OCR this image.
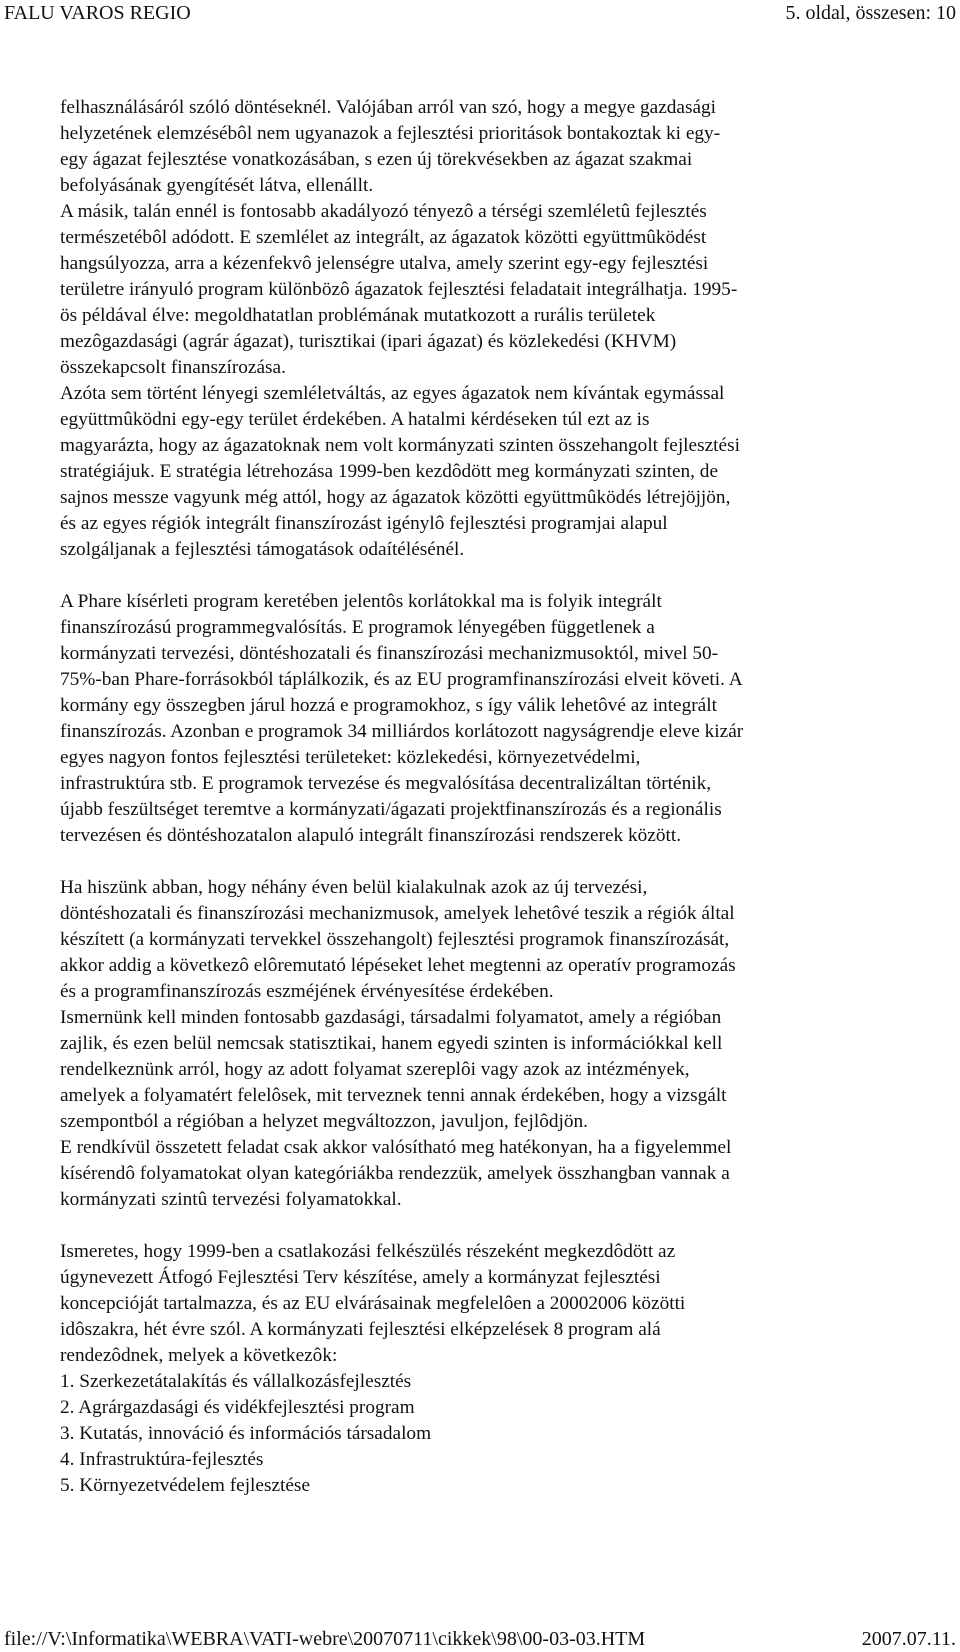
FALU VAROS REGIO	5. oldal, összesen: 10

felhasználásáról szóló döntéseknél. Valójában arról van szó, hogy a megye gazdasági
helyzetének elemzésébôl nem ugyanazok a fejlesztési prioritások bontakoztak ki egy-
egy ágazat fejlesztése vonatkozásában, s ezen új törekvésekben az ágazat szakmai
befolyásának gyengítését látva, ellenállt.

A másik, talán ennél is fontosabb akadályozó tényezô a térségi szemléletû fejlesztés
természetébôl adódott. E szemlélet az integrált, az ágazatok közötti együttmûködést
hangsúlyozza, arra a kézenfekvô jelenségre utalva, amely szerint egy-egy fejlesztési
területre irányuló program különbözô ágazatok fejlesztési feladatait integrálhatja. 1995-
ös példával élve: megoldhatatlan problémának mutatkozott a rurális területek
mezôgazdasági (agrár ágazat), turisztikai (ipari ágazat) és közlekedési (KHVM)
összekapcsolt finanszírozása.

Azóta sem történt lényegi szemléletváltás, az egyes ágazatok nem kívántak egymással
együttmûködni egy-egy terület érdekében. A hatalmi kérdéseken túl ezt az is
magyarázta, hogy az ágazatoknak nem volt kormányzati szinten összehangolt fejlesztési
stratégiájuk. E stratégia létrehozása 1999-ben kezdôdött meg kormányzati szinten, de
sajnos messze vagyunk még attól, hogy az ágazatok közötti együttmûködés létrejöjjön,
és az egyes régiók integrált finanszírozást igénylô fejlesztési programjai alapul
szolgáljanak a fejlesztési támogatások odaítélésénél.

A Phare kísérleti program keretében jelentôs korlátokkal ma is folyik integrált
finanszírozású programmegvalósítás. E programok lényegében függetlenek a
kormányzati tervezési, döntéshozatali és finanszírozási mechanizmusoktól, mivel 50-
75%-ban Phare-forrásokból táplálkozik, és az EU programfinanszírozási elveit követi. A
kormány egy összegben járul hozzá e programokhoz, s így válik lehetôvé az integrált
finanszírozás. Azonban e programok 34 milliárdos korlátozott nagyságrendje eleve kizár
egyes nagyon fontos fejlesztési területeket: közlekedési, környezetvédelmi,
infrastruktúra stb. E programok tervezése és megvalósítása decentralizáltan történik,
újabb feszültséget teremtve a kormányzati/ágazati projektfinanszírozás és a regionális
tervezésen és döntéshozatalon alapuló integrált finanszírozási rendszerek között.

Ha hiszünk abban, hogy néhány éven belül kialakulnak azok az új tervezési,
döntéshozatali és finanszírozási mechanizmusok, amelyek lehetôvé teszik a régiók által
készített (a kormányzati tervekkel összehangolt) fejlesztési programok finanszírozását,
akkor addig a következô elôremutató lépéseket lehet megtenni az operatív programozás
és a programfinanszírozás eszméjének érvényesítése érdekében.

Ismernünk kell minden fontosabb gazdasági, társadalmi folyamatot, amely a régióban
zajlik, és ezen belül nemcsak statisztikai, hanem egyedi szinten is információkkal kell
rendelkeznünk arról, hogy az adott folyamat szereplôi vagy azok az intézmények,
amelyek a folyamatért felelôsek, mit terveznek tenni annak érdekében, hogy a vizsgált
szempontból a régióban a helyzet megváltozzon, javuljon, fejlôdjön.

E rendkívül összetett feladat csak akkor valósítható meg hatékonyan, ha a figyelemmel
kísérendô folyamatokat olyan kategóriákba rendezzük, amelyek összhangban vannak a
kormányzati szintû tervezési folyamatokkal.

Ismeretes, hogy 1999-ben a csatlakozási felkészülés részeként megkezdôdött az
úgynevezett Átfogó Fejlesztési Terv készítése, amely a kormányzat fejlesztési
koncepcióját tartalmazza, és az EU elvárásainak megfelelôen a 20002006 közötti
idôszakra, hét évre szól. A kormányzati fejlesztési elképzelések 8 program alá
rendezôdnek, melyek a következôk:

1. Szerkezetátalakítás és vállalkozásfejlesztés
2. Agrárgazdasági és vidékfejlesztési program
3. Kutatás, innováció és információs társadalom
4. Infrastruktúra-fejlesztés
5. Környezetvédelem fejlesztése
file://V:\Informatika\WEBRA\VATI-webre\20070711\cikkek\98\00-03-03.HTM	2007.07.11.
